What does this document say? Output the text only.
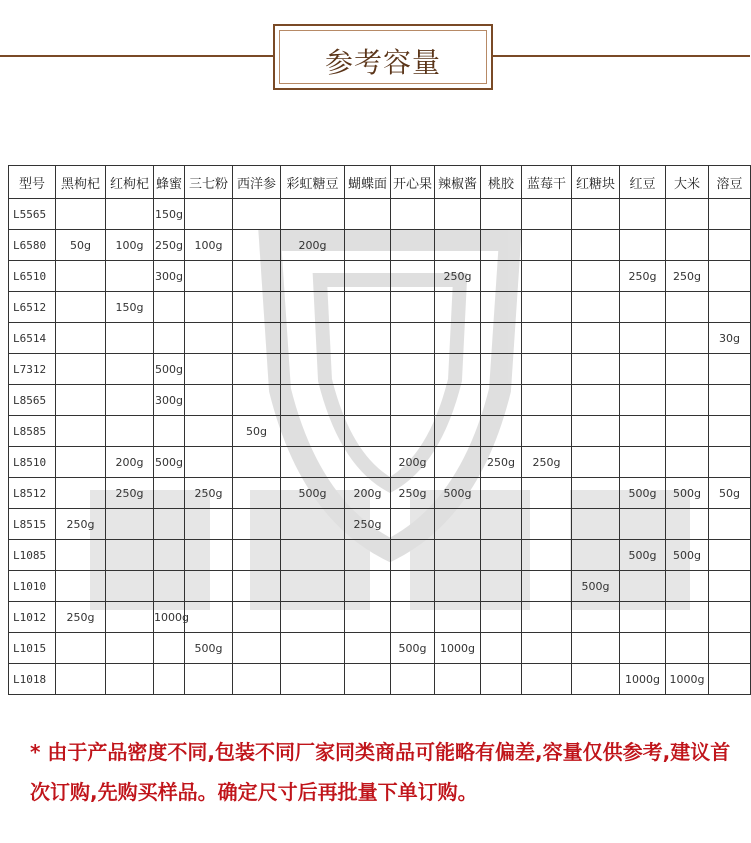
参考容量
型号	黑枸杞	红枸杞	蜂蜜	三七粉	西洋参	彩虹糖豆	蝴蝶面	开心果	辣椒酱	桃胶	蓝莓干	红糖块	红豆	大米	溶豆
L5565			150g												
L6580	50g	100g	250g	100g		200g									
L6510			300g						250g				250g	250g	
L6512		150g													
L6514															30g
L7312			500g												
L8565			300g												
L8585					50g										
L8510		200g	500g					200g		250g	250g				
L8512		250g		250g		500g	200g	250g	500g				500g	500g	50g
L8515	250g						250g								
L1085													500g	500g	
L1010												500g			
L1012	250g		1000g												
L1015				500g				500g	1000g						
L1018													1000g	1000g	
* 由于产品密度不同,包装不同厂家同类商品可能略有偏差,容量仅供参考,建议首次订购,先购买样品。确定尺寸后再批量下单订购。
